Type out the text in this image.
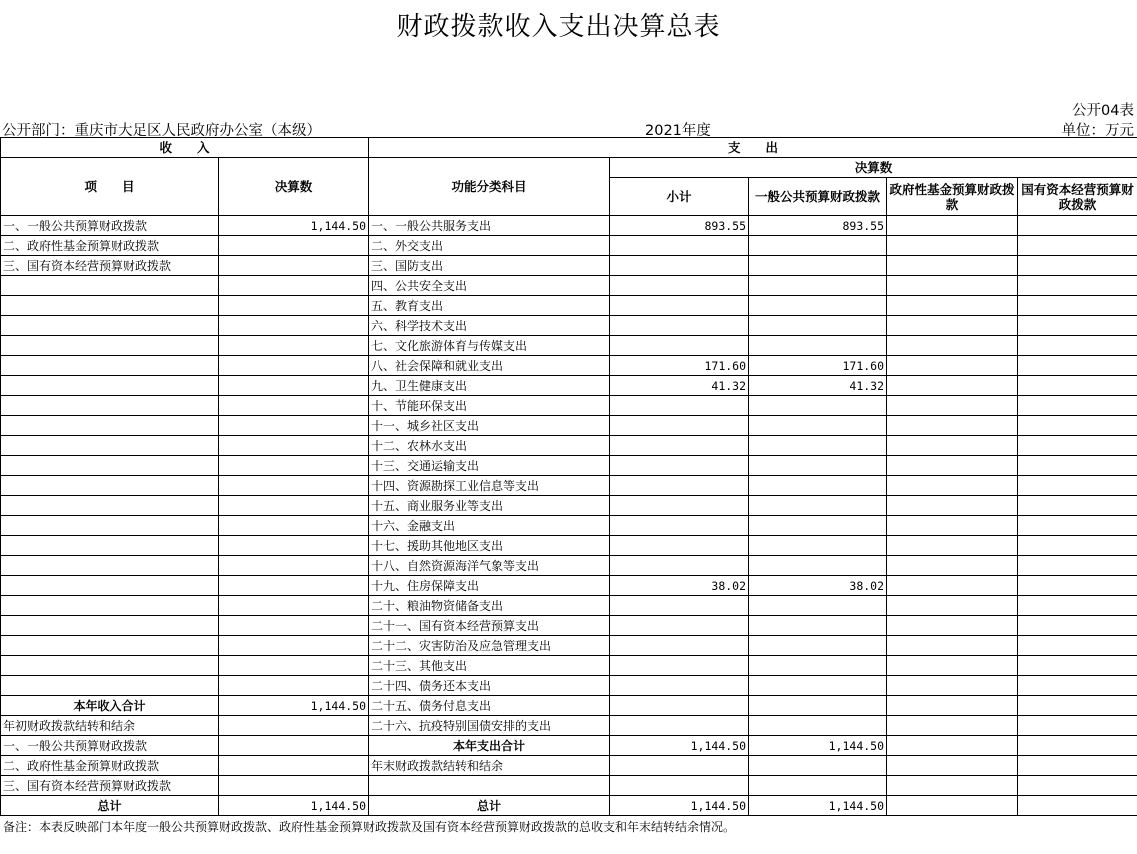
财政拨款收入支出决算总表
公开04表
公开部门：重庆市大足区人民政府办公室（本级）	2021年度	单位：万元
收　　入		支　　出				
项　　目	决算数	功能分类科目	决算数			
			小计	一般公共预算财政拨款	政府性基金预算财政拨款	国有资本经营预算财政拨款
一、一般公共预算财政拨款	1,144.50	一、一般公共服务支出	893.55	893.55		
二、政府性基金预算财政拨款		二、外交支出				
三、国有资本经营预算财政拨款		三、国防支出				
		四、公共安全支出				
		五、教育支出				
		六、科学技术支出				
		七、文化旅游体育与传媒支出				
		八、社会保障和就业支出	171.60	171.60		
		九、卫生健康支出	41.32	41.32		
		十、节能环保支出				
		十一、城乡社区支出				
		十二、农林水支出				
		十三、交通运输支出				
		十四、资源勘探工业信息等支出				
		十五、商业服务业等支出				
		十六、金融支出				
		十七、援助其他地区支出				
		十八、自然资源海洋气象等支出				
		十九、住房保障支出	38.02	38.02		
		二十、粮油物资储备支出				
		二十一、国有资本经营预算支出				
		二十二、灾害防治及应急管理支出				
		二十三、其他支出				
		二十四、债务还本支出				
本年收入合计	1,144.50	二十五、债务付息支出				
年初财政拨款结转和结余		二十六、抗疫特别国债安排的支出				
一、一般公共预算财政拨款		本年支出合计	1,144.50	1,144.50		
二、政府性基金预算财政拨款		年末财政拨款结转和结余				
三、国有资本经营预算财政拨款						
总计	1,144.50	总计	1,144.50	1,144.50		
备注：本表反映部门本年度一般公共预算财政拨款、政府性基金预算财政拨款及国有资本经营预算财政拨款的总收支和年末结转结余情况。
